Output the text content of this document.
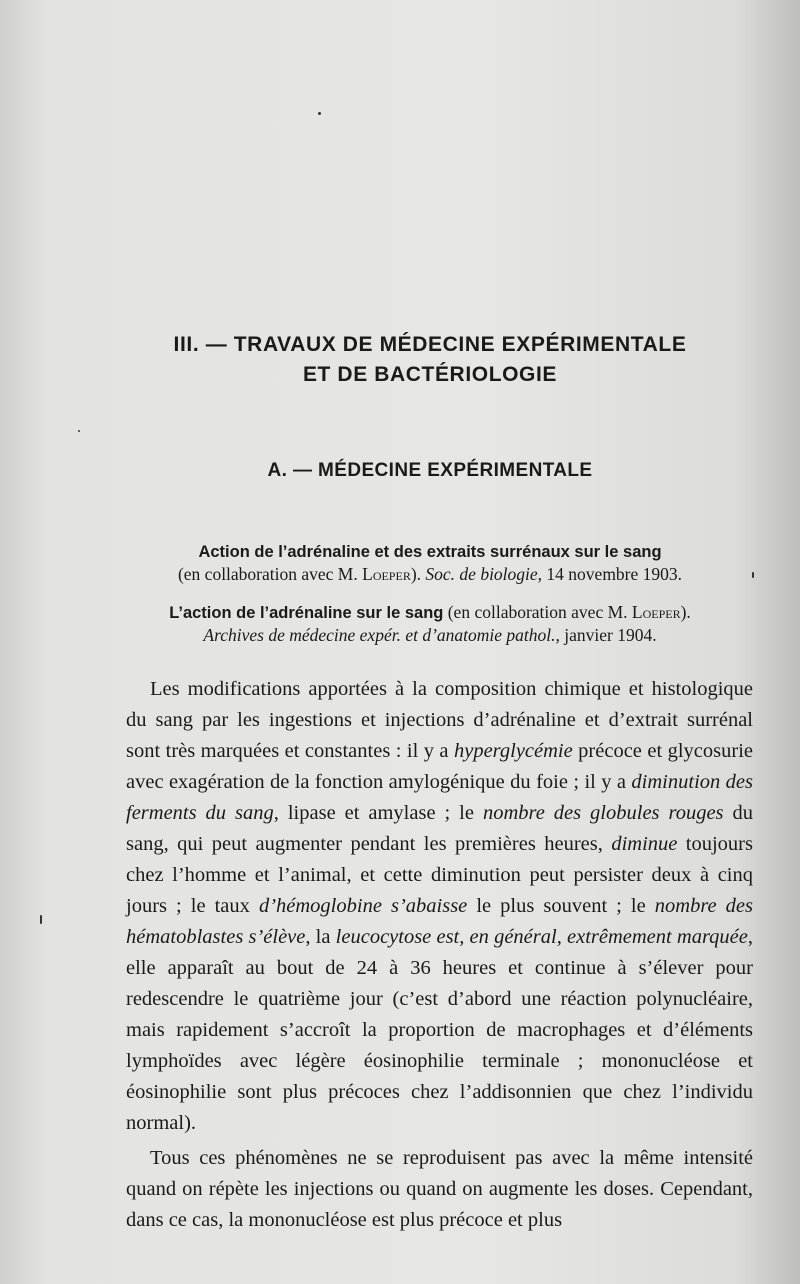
III. — TRAVAUX DE MÉDECINE EXPÉRIMENTALE
ET DE BACTÉRIOLOGIE
A. — MÉDECINE EXPÉRIMENTALE
Action de l’adrénaline et des extraits surrénaux sur le sang
(en collaboration avec M. Loeper). Soc. de biologie, 14 novembre 1903.
L’action de l’adrénaline sur le sang (en collaboration avec M. Loeper).
Archives de médecine expér. et d’anatomie pathol., janvier 1904.

Les modifications apportées à la composition chimique et histologique du sang par les ingestions et injections d’adrénaline et d’extrait surrénal sont très marquées et constantes : il y a hyperglycémie précoce et glycosurie avec exagération de la fonction amylogénique du foie ; il y a diminution des ferments du sang, lipase et amylase ; le nombre des globules rouges du sang, qui peut augmenter pendant les premières heures, diminue toujours chez l’homme et l’animal, et cette diminution peut persister deux à cinq jours ; le taux d’hémoglobine s’abaisse le plus souvent ; le nombre des hématoblastes s’élève, la leucocytose est, en général, extrêmement marquée, elle apparaît au bout de 24 à 36 heures et continue à s’élever pour redescendre le quatrième jour (c’est d’abord une réaction polynucléaire, mais rapidement s’accroît la proportion de macrophages et d’éléments lymphoïdes avec légère éosinophilie terminale ; mononucléose et éosinophilie sont plus précoces chez l’addisonnien que chez l’individu normal).

Tous ces phénomènes ne se reproduisent pas avec la même intensité quand on répète les injections ou quand on augmente les doses. Cependant, dans ce cas, la mononucléose est plus précoce et plus
